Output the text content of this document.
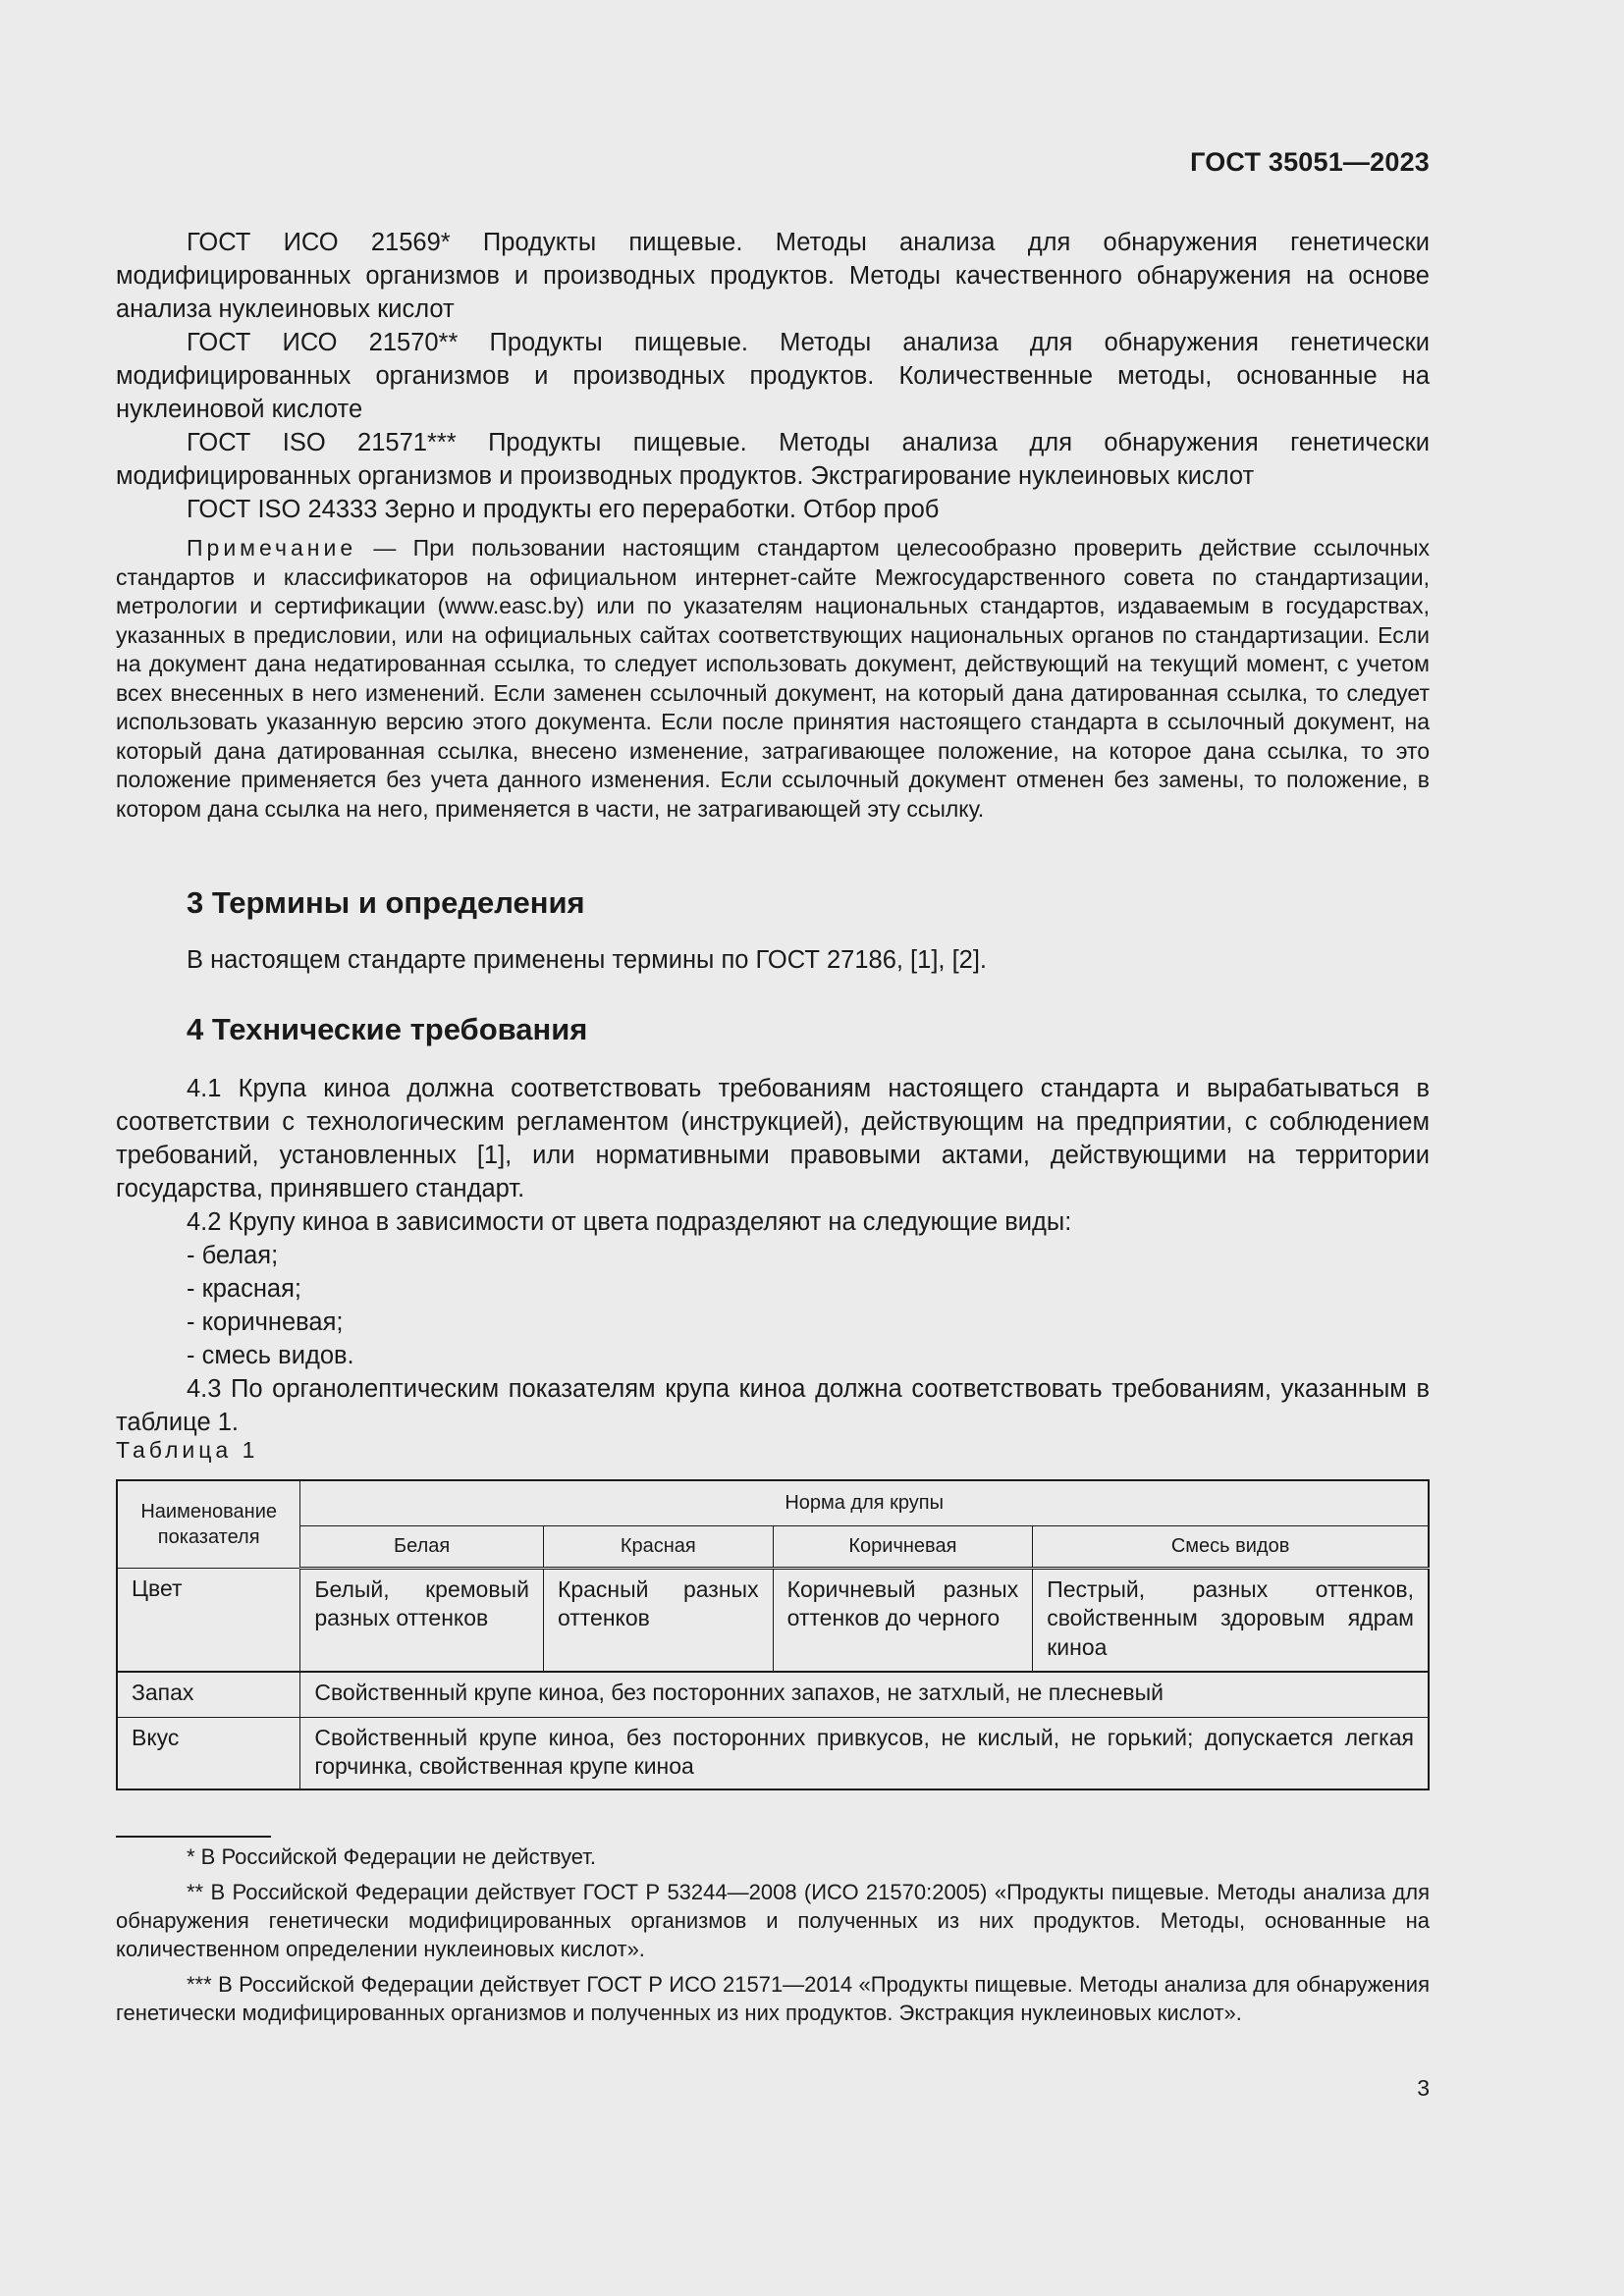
ГОСТ 35051—2023

ГОСТ ИСО 21569* Продукты пищевые. Методы анализа для обнаружения генетически модифицированных организмов и производных продуктов. Методы качественного обнаружения на основе анализа нуклеиновых кислот

ГОСТ ИСО 21570** Продукты пищевые. Методы анализа для обнаружения генетически модифицированных организмов и производных продуктов. Количественные методы, основанные на нуклеиновой кислоте

ГОСТ ISO 21571*** Продукты пищевые. Методы анализа для обнаружения генетически модифицированных организмов и производных продуктов. Экстрагирование нуклеиновых кислот

ГОСТ ISO 24333 Зерно и продукты его переработки. Отбор проб

Примечание — При пользовании настоящим стандартом целесообразно проверить действие ссылочных стандартов и классификаторов на официальном интернет-сайте Межгосударственного совета по стандартизации, метрологии и сертификации (www.easc.by) или по указателям национальных стандартов, издаваемым в государствах, указанных в предисловии, или на официальных сайтах соответствующих национальных органов по стандартизации. Если на документ дана недатированная ссылка, то следует использовать документ, действующий на текущий момент, с учетом всех внесенных в него изменений. Если заменен ссылочный документ, на который дана датированная ссылка, то следует использовать указанную версию этого документа. Если после принятия настоящего стандарта в ссылочный документ, на который дана датированная ссылка, внесено изменение, затрагивающее положение, на которое дана ссылка, то это положение применяется без учета данного изменения. Если ссылочный документ отменен без замены, то положение, в котором дана ссылка на него, применяется в части, не затрагивающей эту ссылку.
3 Термины и определения
В настоящем стандарте применены термины по ГОСТ 27186, [1], [2].
4 Технические требования

4.1 Крупа киноа должна соответствовать требованиям настоящего стандарта и вырабатываться в соответствии с технологическим регламентом (инструкцией), действующим на предприятии, с соблюдением требований, установленных [1], или нормативными правовыми актами, действующими на территории государства, принявшего стандарт.

4.2 Крупу киноа в зависимости от цвета подразделяют на следующие виды:

- белая;

- красная;

- коричневая;

- смесь видов.

4.3 По органолептическим показателям крупа киноа должна соответствовать требованиям, указанным в таблице 1.

Таблица 1
Наименование показателя	Норма для крупы			
	Белая	Красная	Коричневая	Смесь видов
Цвет	Белый, кремовый разных оттенков	Красный разных оттенков	Коричневый разных оттенков до черного	Пестрый, разных оттенков, свойственным здоровым ядрам киноа
Запах	Свойственный крупе киноа, без посторонних запахов, не затхлый, не плесневый			
Вкус	Свойственный крупе киноа, без посторонних привкусов, не кислый, не горький; допускается легкая горчинка, свойственная крупе киноа			

* В Российской Федерации не действует.

** В Российской Федерации действует ГОСТ Р 53244—2008 (ИСО 21570:2005) «Продукты пищевые. Методы анализа для обнаружения генетически модифицированных организмов и полученных из них продуктов. Методы, основанные на количественном определении нуклеиновых кислот».

*** В Российской Федерации действует ГОСТ Р ИСО 21571—2014 «Продукты пищевые. Методы анализа для обнаружения генетически модифицированных организмов и полученных из них продуктов. Экстракция нуклеиновых кислот».

3
